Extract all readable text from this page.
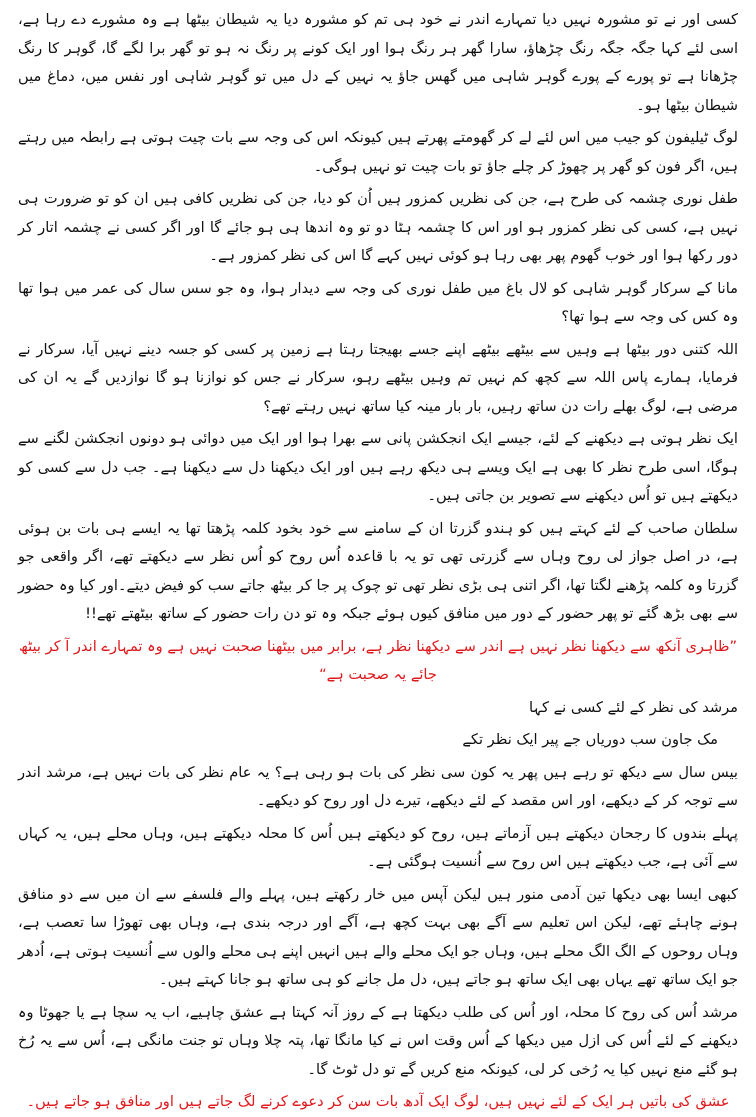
کسی اور نے تو مشورہ نہیں دیا تمہارے اندر نے خود ہی تم کو مشورہ دیا یہ شیطان بیٹھا ہے وہ مشورے دے رہا ہے، اسی لئے کہا جگہ جگہ رنگ چڑھاؤ، سارا گھر ہر رنگ ہوا اور ایک کونے پر رنگ نہ ہو تو گھر برا لگے گا، گوہر کا رنگ چڑھانا ہے تو پورے کے پورے گوہر شاہی میں گھس جاؤ یہ نہیں کے دل میں تو گوہر شاہی اور نفس میں، دماغ میں شیطان بیٹھا ہو۔

لوگ ٹیلیفون کو جیب میں اس لئے لے کر گھومتے پھرتے ہیں کیونکہ اس کی وجہ سے بات چیت ہوتی ہے رابطہ میں رہتے ہیں، اگر فون کو گھر پر چھوڑ کر چلے جاؤ تو بات چیت تو نہیں ہوگی۔

طفل نوری چشمہ کی طرح ہے، جن کی نظریں کمزور ہیں اُن کو دیا، جن کی نظریں کافی ہیں ان کو تو ضرورت ہی نہیں ہے، کسی کی نظر کمزور ہو اور اس کا چشمہ ہٹا دو تو وہ اندھا ہی ہو جائے گا اور اگر کسی نے چشمہ اتار کر دور رکھا ہوا اور خوب گھوم پھر بھی رہا ہو کوئی نہیں کہے گا اس کی نظر کمزور ہے۔

مانا کے سرکار گوہر شاہی کو لال باغ میں طفل نوری کی وجہ سے دیدار ہوا، وہ جو سس سال کی عمر میں ہوا تھا وہ کس کی وجہ سے ہوا تھا؟

اللہ کتنی دور بیٹھا ہے وہیں سے بیٹھے بیٹھے اپنے جسے بھیجتا رہتا ہے زمین پر کسی کو جسہ دینے نہیں آیا، سرکار نے فرمایا، ہمارے پاس اللہ سے کچھ کم نہیں تم وہیں بیٹھے رہو، سرکار نے جس کو نوازنا ہو گا نوازدیں گے یہ ان کی مرضی ہے، لوگ بھلے رات دن ساتھ رہیں، بار بار مینہ کیا ساتھ نہیں رہتے تھے؟

ایک نظر ہوتی ہے دیکھنے کے لئے، جیسے ایک انجکشن پانی سے بھرا ہوا اور ایک میں دوائی ہو دونوں انجکشن لگنے سے ہوگا، اسی طرح نظر کا بھی ہے ایک ویسے ہی دیکھ رہے ہیں اور ایک دیکھنا دل سے دیکھنا ہے۔ جب دل سے کسی کو دیکھتے ہیں تو اُس دیکھنے سے تصویر بن جاتی ہیں۔

سلطان صاحب کے لئے کہتے ہیں کو ہندو گزرتا ان کے سامنے سے خود بخود کلمہ پڑھتا تھا یہ ایسے ہی بات بن ہوئی ہے، در اصل جواز لی روح وہاں سے گزرتی تھی تو یہ با قاعدہ اُس روح کو اُس نظر سے دیکھتے تھے، اگر واقعی جو گزرتا وہ کلمہ پڑھنے لگتا تھا، اگر اتنی ہی بڑی نظر تھی تو چوک پر جا کر بیٹھ جاتے سب کو فیض دیتے۔اور کیا وہ حضور سے بھی بڑھ گئے تو پھر حضور کے دور میں منافق کیوں ہوئے جبکہ وہ تو دن رات حضور کے ساتھ بیٹھتے تھے!!

”ظاہری آنکھ سے دیکھنا نظر نہیں ہے اندر سے دیکھنا نظر ہے، برابر میں بیٹھنا صحبت نہیں ہے وہ تمہارے اندر آ کر بیٹھ جائے یہ صحبت ہے“

مرشد کی نظر کے لئے کسی نے کہا

مک جاون سب دوریاں جے پیر ایک نظر تکے

بیس سال سے دیکھ تو رہے ہیں پھر یہ کون سی نظر کی بات ہو رہی ہے؟ یہ عام نظر کی بات نہیں ہے، مرشد اندر سے توجہ کر کے دیکھے، اور اس مقصد کے لئے دیکھے، تیرے دل اور روح کو دیکھے۔

پہلے بندوں کا رجحان دیکھتے ہیں آزماتے ہیں، روح کو دیکھتے ہیں اُس کا محلہ دیکھتے ہیں، وہاں محلے ہیں، یہ کہاں سے آئی ہے، جب دیکھتے ہیں اس روح سے اُنسیت ہوگئی ہے۔

کبھی ایسا بھی دیکھا تین آدمی منور ہیں لیکن آپس میں خار رکھتے ہیں، پہلے والے فلسفے سے ان میں سے دو منافق ہونے چاہئے تھے، لیکن اس تعلیم سے آگے بھی بہت کچھ ہے، آگے اور درجہ بندی ہے، وہاں بھی تھوڑا سا تعصب ہے، وہاں روحوں کے الگ الگ محلے ہیں، وہاں جو ایک محلے والے ہیں انہیں اپنے ہی محلے والوں سے اُنسیت ہوتی ہے، اُدھر جو ایک ساتھ تھے یہاں بھی ایک ساتھ ہو جاتے ہیں، دل مل جانے کو ہی ساتھ ہو جانا کہتے ہیں۔

مرشد اُس کی روح کا محلہ، اور اُس کی طلب دیکھتا ہے کے روز آنہ کہتا ہے عشق چاہیے، اب یہ سچا ہے یا جھوٹا وہ دیکھنے کے لئے اُس کی ازل میں دیکھا کے اُس وقت اس نے کیا مانگا تھا، پتہ چلا وہاں تو جنت مانگی ہے، اُس سے یہ رُخ ہو گئے منع نہیں کیا یہ رُخی کر لی، کیونکہ منع کریں گے تو دل ٹوٹ گا۔

عشق کی باتیں ہر ایک کے لئے نہیں ہیں، لوگ ایک آدھ بات سن کر دعوے کرنے لگ جاتے ہیں اور منافق ہو جاتے ہیں۔
